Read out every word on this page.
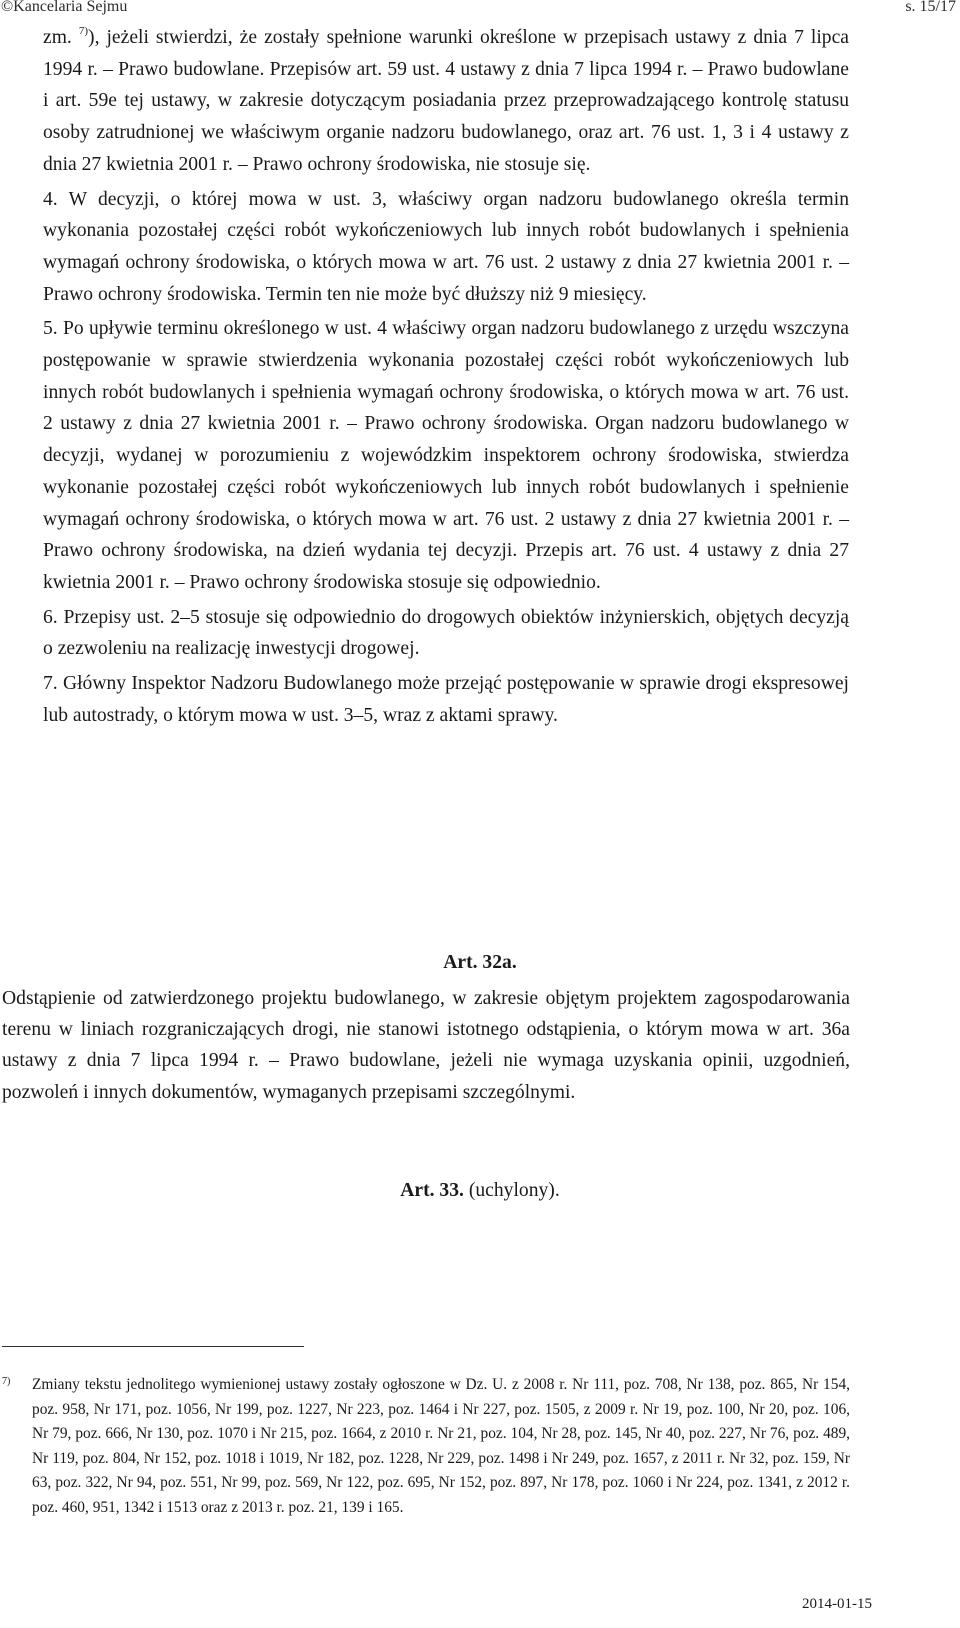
©Kancelaria Sejmu	s. 15/17

zm. $^{7)}$), jeżeli stwierdzi, że zostały spełnione warunki określone w przepisach ustawy z dnia 7 lipca 1994 r. – Prawo budowlane. Przepisów art. 59 ust. 4 ustawy z dnia 7 lipca 1994 r. – Prawo budowlane i art. 59e tej ustawy, w zakresie dotyczącym posiadania przez przeprowadzającego kontrolę statusu osoby zatrudnionej we właściwym organie nadzoru budowlanego, oraz art. 76 ust. 1, 3 i 4 ustawy z dnia 27 kwietnia 2001 r. – Prawo ochrony środowiska, nie stosuje się.

4. W decyzji, o której mowa w ust. 3, właściwy organ nadzoru budowlanego określa termin wykonania pozostałej części robót wykończeniowych lub innych robót budowlanych i spełnienia wymagań ochrony środowiska, o których mowa w art. 76 ust. 2 ustawy z dnia 27 kwietnia 2001 r. – Prawo ochrony środowiska. Termin ten nie może być dłuższy niż 9 miesięcy.

5. Po upływie terminu określonego w ust. 4 właściwy organ nadzoru budowlanego z urzędu wszczyna postępowanie w sprawie stwierdzenia wykonania pozostałej części robót wykończeniowych lub innych robót budowlanych i spełnienia wymagań ochrony środowiska, o których mowa w art. 76 ust. 2 ustawy z dnia 27 kwietnia 2001 r. – Prawo ochrony środowiska. Organ nadzoru budowlanego w decyzji, wydanej w porozumieniu z wojewódzkim inspektorem ochrony środowiska, stwierdza wykonanie pozostałej części robót wykończeniowych lub innych robót budowlanych i spełnienie wymagań ochrony środowiska, o których mowa w art. 76 ust. 2 ustawy z dnia 27 kwietnia 2001 r. – Prawo ochrony środowiska, na dzień wydania tej decyzji. Przepis art. 76 ust. 4 ustawy z dnia 27 kwietnia 2001 r. – Prawo ochrony środowiska stosuje się odpowiednio.

6. Przepisy ust. 2–5 stosuje się odpowiednio do drogowych obiektów inżynierskich, objętych decyzją o zezwoleniu na realizację inwestycji drogowej.

7. Główny Inspektor Nadzoru Budowlanego może przejąć postępowanie w sprawie drogi ekspresowej lub autostrady, o którym mowa w ust. 3–5, wraz z aktami sprawy.

Art. 32a.
Odstąpienie od zatwierdzonego projektu budowlanego, w zakresie objętym projektem zagospodarowania terenu w liniach rozgraniczających drogi, nie stanowi istotnego odstąpienia, o którym mowa w art. 36a ustawy z dnia 7 lipca 1994 r. – Prawo budowlane, jeżeli nie wymaga uzyskania opinii, uzgodnień, pozwoleń i innych dokumentów, wymaganych przepisami szczególnymi.
Art. 33. (uchylony).
7) Zmiany tekstu jednolitego wymienionej ustawy zostały ogłoszone w Dz. U. z 2008 r. Nr 111, poz. 708, Nr 138, poz. 865, Nr 154, poz. 958, Nr 171, poz. 1056, Nr 199, poz. 1227, Nr 223, poz. 1464 i Nr 227, poz. 1505, z 2009 r. Nr 19, poz. 100, Nr 20, poz. 106, Nr 79, poz. 666, Nr 130, poz. 1070 i Nr 215, poz. 1664, z 2010 r. Nr 21, poz. 104, Nr 28, poz. 145, Nr 40, poz. 227, Nr 76, poz. 489, Nr 119, poz. 804, Nr 152, poz. 1018 i 1019, Nr 182, poz. 1228, Nr 229, poz. 1498 i Nr 249, poz. 1657, z 2011 r. Nr 32, poz. 159, Nr 63, poz. 322, Nr 94, poz. 551, Nr 99, poz. 569, Nr 122, poz. 695, Nr 152, poz. 897, Nr 178, poz. 1060 i Nr 224, poz. 1341, z 2012 r. poz. 460, 951, 1342 i 1513 oraz z 2013 r. poz. 21, 139 i 165.
2014-01-15
